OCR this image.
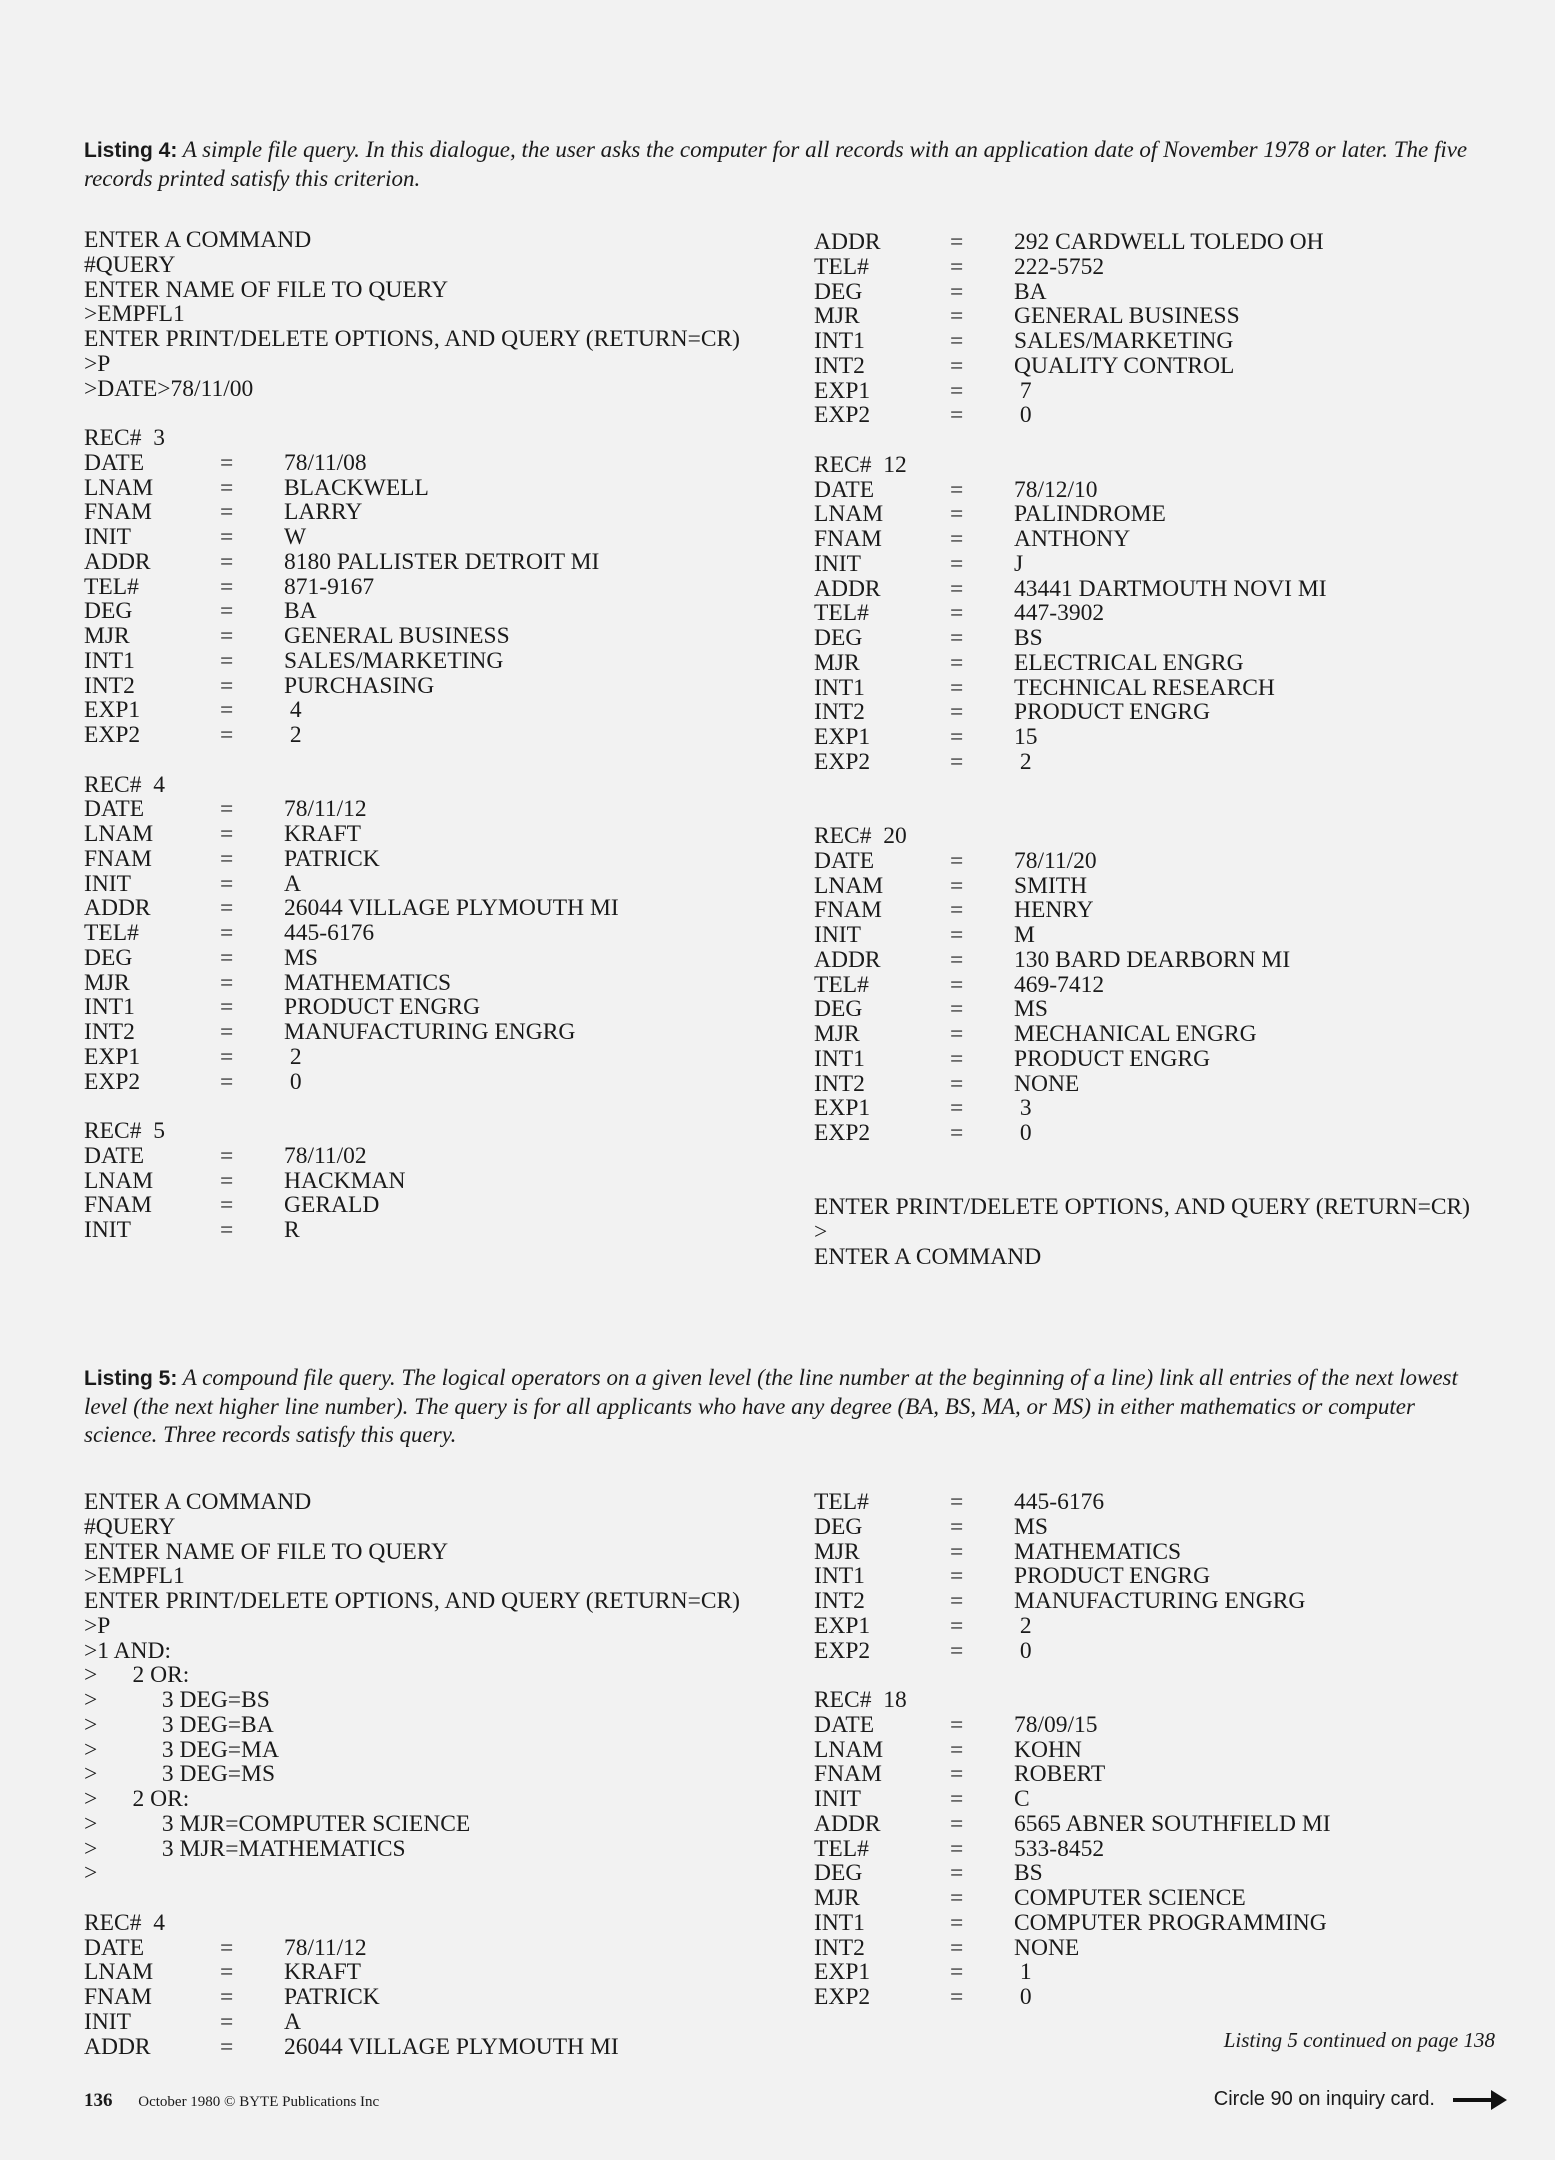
Listing 4: A simple file query. In this dialogue, the user asks the computer for all records with an application date of November 1978 or later. The five records printed satisfy this criterion.
ENTER A COMMAND
#QUERY
ENTER NAME OF FILE TO QUERY
>EMPFL1
ENTER PRINT/DELETE OPTIONS, AND QUERY (RETURN=CR)
>P
>DATE>78/11/00
REC#  3
DATE	= 78/11/08
LNAM	= BLACKWELL
FNAM	= LARRY
INIT	= W
ADDR	= 8180 PALLISTER DETROIT MI
TEL#	= 871-9167
DEG	= BA
MJR	= GENERAL BUSINESS
INT1	= SALES/MARKETING
INT2	= PURCHASING
EXP1	= 4
EXP2	= 2
REC#  4
DATE	= 78/11/12
LNAM	= KRAFT
FNAM	= PATRICK
INIT	= A
ADDR	= 26044 VILLAGE PLYMOUTH MI
TEL#	= 445-6176
DEG	= MS
MJR	= MATHEMATICS
INT1	= PRODUCT ENGRG
INT2	= MANUFACTURING ENGRG
EXP1	= 2
EXP2	= 0
REC#  5
DATE	= 78/11/02
LNAM	= HACKMAN
FNAM	= GERALD
INIT	= R
ADDR	= 292 CARDWELL TOLEDO OH
TEL#	= 222-5752
DEG	= BA
MJR	= GENERAL BUSINESS
INT1	= SALES/MARKETING
INT2	= QUALITY CONTROL
EXP1	= 7
EXP2	= 0
REC#  12
DATE	= 78/12/10
LNAM	= PALINDROME
FNAM	= ANTHONY
INIT	= J
ADDR	= 43441 DARTMOUTH NOVI MI
TEL#	= 447-3902
DEG	= BS
MJR	= ELECTRICAL ENGRG
INT1	= TECHNICAL RESEARCH
INT2	= PRODUCT ENGRG
EXP1	= 15
EXP2	= 2
REC#  20
DATE	= 78/11/20
LNAM	= SMITH
FNAM	= HENRY
INIT	= M
ADDR	= 130 BARD DEARBORN MI
TEL#	= 469-7412
DEG	= MS
MJR	= MECHANICAL ENGRG
INT1	= PRODUCT ENGRG
INT2	= NONE
EXP1	= 3
EXP2	= 0
ENTER PRINT/DELETE OPTIONS, AND QUERY (RETURN=CR)
>
ENTER A COMMAND
Listing 5: A compound file query. The logical operators on a given level (the line number at the beginning of a line) link all entries of the next lowest level (the next higher line number). The query is for all applicants who have any degree (BA, BS, MA, or MS) in either mathematics or computer science. Three records satisfy this query.
ENTER A COMMAND
#QUERY
ENTER NAME OF FILE TO QUERY
>EMPFL1
ENTER PRINT/DELETE OPTIONS, AND QUERY (RETURN=CR)
>P
>1 AND:
>      2 OR:
>           3 DEG=BS
>           3 DEG=BA
>           3 DEG=MA
>           3 DEG=MS
>      2 OR:
>           3 MJR=COMPUTER SCIENCE
>           3 MJR=MATHEMATICS
>
REC#  4
DATE	= 78/11/12
LNAM	= KRAFT
FNAM	= PATRICK
INIT	= A
ADDR	= 26044 VILLAGE PLYMOUTH MI
TEL#	= 445-6176
DEG	= MS
MJR	= MATHEMATICS
INT1	= PRODUCT ENGRG
INT2	= MANUFACTURING ENGRG
EXP1	= 2
EXP2	= 0
REC#  18
DATE	= 78/09/15
LNAM	= KOHN
FNAM	= ROBERT
INIT	= C
ADDR	= 6565 ABNER SOUTHFIELD MI
TEL#	= 533-8452
DEG	= BS
MJR	= COMPUTER SCIENCE
INT1	= COMPUTER PROGRAMMING
INT2	= NONE
EXP1	= 1
EXP2	= 0
Listing 5 continued on page 138
136 October 1980 © BYTE Publications Inc	Circle 90 on inquiry card.
